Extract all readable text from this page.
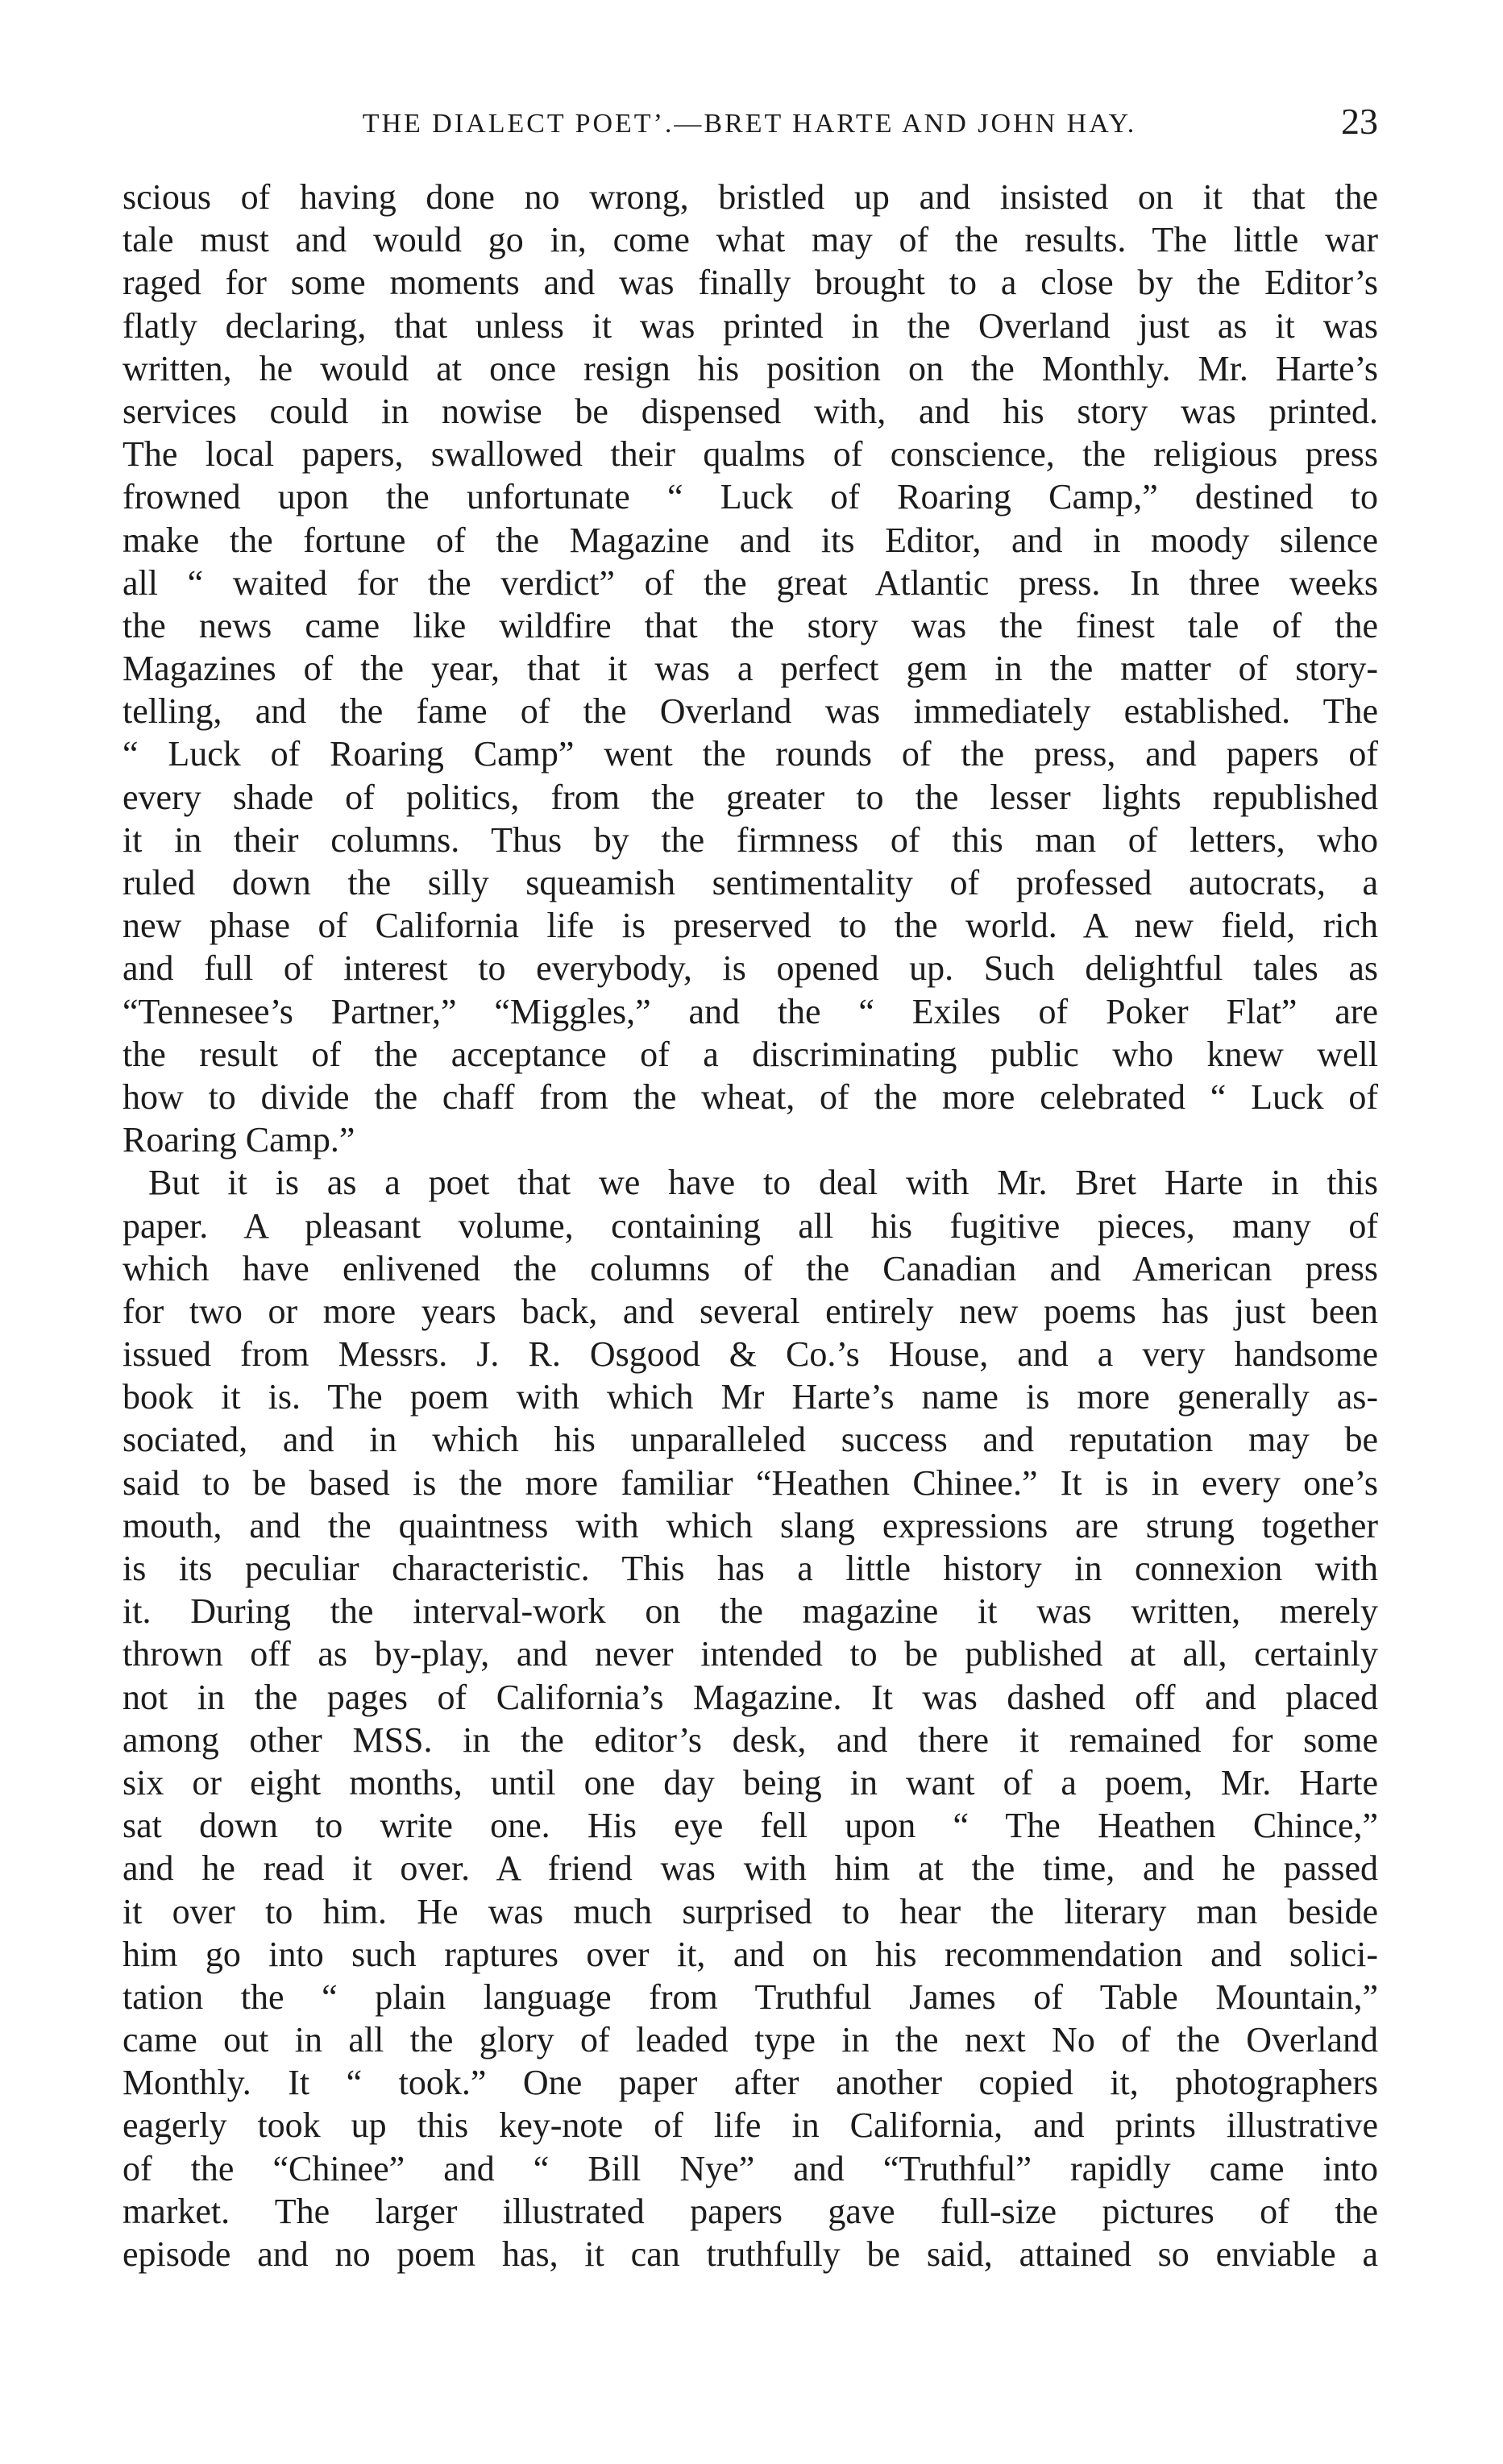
THE DIALECT POET’.—BRET HARTE AND JOHN HAY.	23
scious of having done no wrong, bristled up and insisted on it that the
tale must and would go in, come what may of the results. The little war
raged for some moments and was finally brought to a close by the Editor’s
flatly declaring, that unless it was printed in the Overland just as it was
written, he would at once resign his position on the Monthly. Mr. Harte’s
services could in nowise be dispensed with, and his story was printed.
The local papers, swallowed their qualms of conscience, the religious press
frowned upon the unfortunate “ Luck of Roaring Camp,” destined to
make the fortune of the Magazine and its Editor, and in moody silence
all “ waited for the verdict” of the great Atlantic press. In three weeks
the news came like wildfire that the story was the finest tale of the
Magazines of the year, that it was a perfect gem in the matter of story-
telling, and the fame of the Overland was immediately established. The
“ Luck of Roaring Camp” went the rounds of the press, and papers of
every shade of politics, from the greater to the lesser lights republished
it in their columns. Thus by the firmness of this man of letters, who
ruled down the silly squeamish sentimentality of professed autocrats, a
new phase of California life is preserved to the world. A new field, rich
and full of interest to everybody, is opened up. Such delightful tales as
“Tennesee’s Partner,” “Miggles,” and the “ Exiles of Poker Flat” are
the result of the acceptance of a discriminating public who knew well
how to divide the chaff from the wheat, of the more celebrated “ Luck of
Roaring Camp.”
But it is as a poet that we have to deal with Mr. Bret Harte in this
paper. A pleasant volume, containing all his fugitive pieces, many of
which have enlivened the columns of the Canadian and American press
for two or more years back, and several entirely new poems has just been
issued from Messrs. J. R. Osgood & Co.’s House, and a very handsome
book it is. The poem with which Mr Harte’s name is more generally as-
sociated, and in which his unparalleled success and reputation may be
said to be based is the more familiar “Heathen Chinee.” It is in every one’s
mouth, and the quaintness with which slang expressions are strung together
is its peculiar characteristic. This has a little history in connexion with
it. During the interval-work on the magazine it was written, merely
thrown off as by-play, and never intended to be published at all, certainly
not in the pages of California’s Magazine. It was dashed off and placed
among other MSS. in the editor’s desk, and there it remained for some
six or eight months, until one day being in want of a poem, Mr. Harte
sat down to write one. His eye fell upon “ The Heathen Chince,”
and he read it over. A friend was with him at the time, and he passed
it over to him. He was much surprised to hear the literary man beside
him go into such raptures over it, and on his recommendation and solici-
tation the “ plain language from Truthful James of Table Mountain,”
came out in all the glory of leaded type in the next No of the Overland
Monthly. It “ took.” One paper after another copied it, photographers
eagerly took up this key-note of life in California, and prints illustrative
of the “Chinee” and “ Bill Nye” and “Truthful” rapidly came into
market. The larger illustrated papers gave full-size pictures of the
episode and no poem has, it can truthfully be said, attained so enviable a
